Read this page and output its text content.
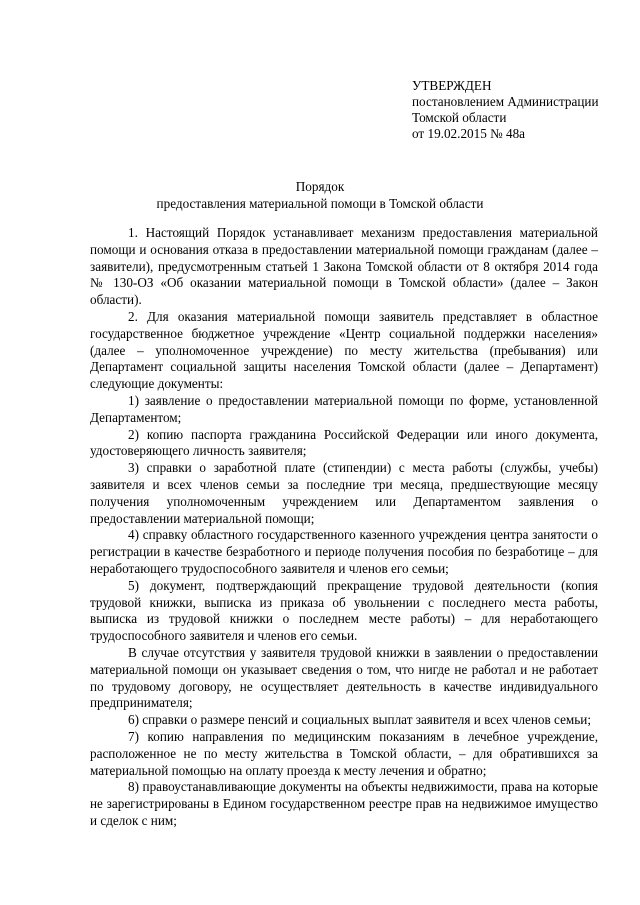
УТВЕРЖДЕН
постановлением Администрации
Томской области
от 19.02.2015 № 48а
Порядок
предоставления материальной помощи в Томской области

1. Настоящий Порядок устанавливает механизм предоставления материальной помощи и основания отказа в предоставлении материальной помощи гражданам (далее – заявители), предусмотренным статьей 1 Закона Томской области от 8 октября 2014 года № 130-ОЗ «Об оказании материальной помощи в Томской области» (далее – Закон области).

2. Для оказания материальной помощи заявитель представляет в областное государственное бюджетное учреждение «Центр социальной поддержки населения» (далее – уполномоченное учреждение) по месту жительства (пребывания) или Департамент социальной защиты населения Томской области (далее – Департамент) следующие документы:

1) заявление о предоставлении материальной помощи по форме, установленной Департаментом;

2) копию паспорта гражданина Российской Федерации или иного документа, удостоверяющего личность заявителя;

3) справки о заработной плате (стипендии) с места работы (службы, учебы) заявителя и всех членов семьи за последние три месяца, предшествующие месяцу получения уполномоченным учреждением или Департаментом заявления о предоставлении материальной помощи;

4) справку областного государственного казенного учреждения центра занятости о регистрации в качестве безработного и периоде получения пособия по безработице – для неработающего трудоспособного заявителя и членов его семьи;

5) документ, подтверждающий прекращение трудовой деятельности (копия трудовой книжки, выписка из приказа об увольнении с последнего места работы, выписка из трудовой книжки о последнем месте работы) – для неработающего трудоспособного заявителя и членов его семьи.

В случае отсутствия у заявителя трудовой книжки в заявлении о предоставлении материальной помощи он указывает сведения о том, что нигде не работал и не работает по трудовому договору, не осуществляет деятельность в качестве индивидуального предпринимателя;

6) справки о размере пенсий и социальных выплат заявителя и всех членов семьи;

7) копию направления по медицинским показаниям в лечебное учреждение, расположенное не по месту жительства в Томской области, – для обратившихся за материальной помощью на оплату проезда к месту лечения и обратно;

8) правоустанавливающие документы на объекты недвижимости, права на которые не зарегистрированы в Едином государственном реестре прав на недвижимое имущество и сделок с ним;
